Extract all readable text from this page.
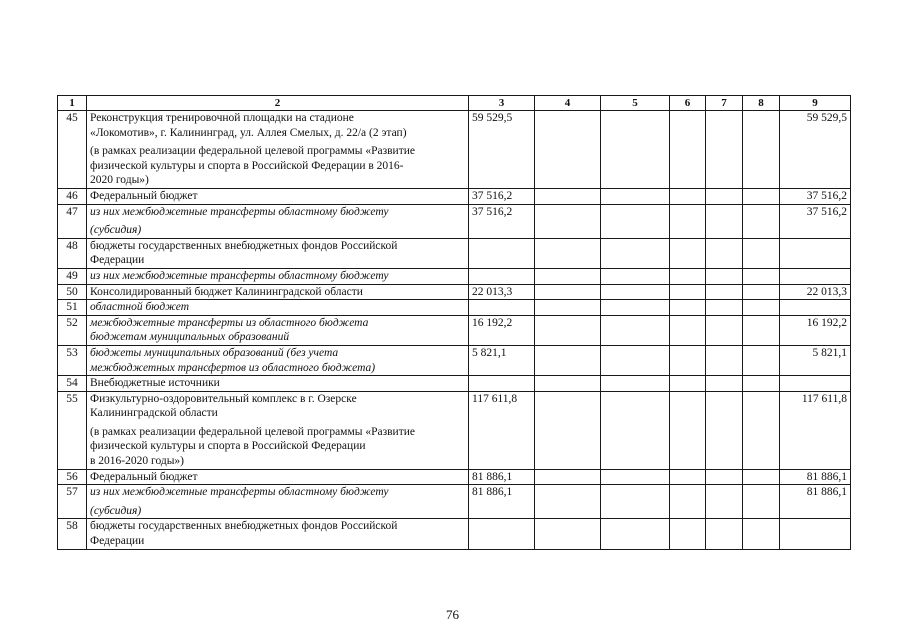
1	2	3	4	5	6	7	8	9
45	Реконструкция тренировочной площадки на стадионе
«Локомотив», г. Калининград, ул. Аллея Смелых, д. 22/а (2 этап)
(в рамках реализации федеральной целевой программы «Развитие
физической культуры и спорта в Российской Федерации в 2016-
2020 годы»)	59 529,5						59 529,5
46	Федеральный бюджет	37 516,2						37 516,2
47	из них межбюджетные трансферты областному бюджету
(субсидия)	37 516,2						37 516,2
48	бюджеты государственных внебюджетных фондов Российской
Федерации							

49	из них межбюджетные трансферты областному бюджету							

50	Консолидированный бюджет Калининградской области	22 013,3						22 013,3
51	областной бюджет							

52	межбюджетные трансферты из областного бюджета
бюджетам муниципальных образований	16 192,2						16 192,2
53	бюджеты муниципальных образований (без учета
межбюджетных трансфертов из областного бюджета)	5 821,1						5 821,1
54	Внебюджетные источники							

55	Физкультурно-оздоровительный комплекс в г. Озерске
Калининградской области
(в рамках реализации федеральной целевой программы «Развитие
физической культуры и спорта в Российской Федерации
в 2016-2020 годы»)	117 611,8						117 611,8
56	Федеральный бюджет	81 886,1						81 886,1
57	из них межбюджетные трансферты областному бюджету
(субсидия)	81 886,1						81 886,1
58	бюджеты государственных внебюджетных фондов Российской
Федерации							

76
